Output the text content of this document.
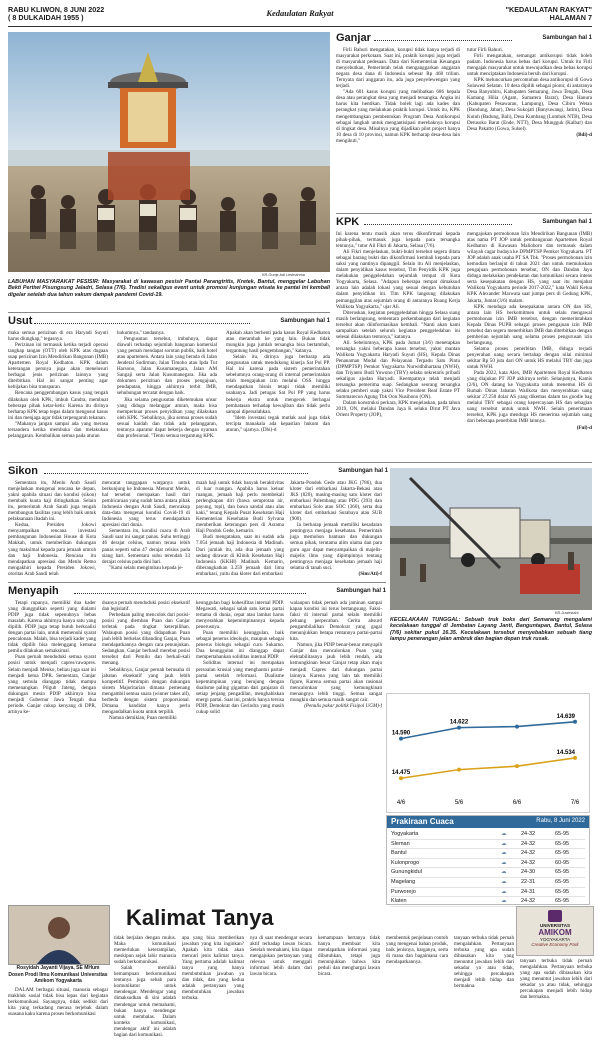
RABU KLIWON, 8 JUNI 2022
( 8 DULKAIDAH 1955 )	Kedaulatan Rakyat	"KEDAULATAN RAKYAT"
HALAMAN 7
KR-Gunje Adi Lestnahma
LABUHAN MASYARAKAT PESISIR: Masyarakat di kawasan pesisir Pantai Parangtritis, Kretek, Bantul, menggelar Labuhan Bekti Pertiwi Pisungsung Jaladri, Selasa (7/6). Tradisi sekaligus event untuk promosi kunjungan wisata ke pantai ini kembali digelar setelah dua tahun vakum dampak pandemi Covid-19.
Ganjar	Sambungan hal 1

Firli Bahuri mengatakan, korupsi tidak hanya terjadi di masyarakat perkotaan. Saat ini, praktik korupsi juga terjadi di masyarakat pedesaan. Data dari Kementerian Keuangan menyebutkan, Pemerintah telah menganggarkan anggaran negara desa dana di Indonesia sebesar Rp 468 triliun. Ternyata dari anggaran itu, ada juga penyelewengan yang terjadi.

"Ada 601 kasus korupsi yang melibatkan 686 kepala desa atau perangkat desa yang menjadi tersangka. Angka ini harus kita hentikan. Tidak boleh lagi ada kades dan perangkat yang melakukan praktik korupsi. Untuk itu, KPK mengembangkan pembentukan Program Desa Antikorupsi sebagai langkah untuk mengantisipasi merebaknya korupsi di tingkat desa. Misalnya yang dijadikan pilot project hanya 10 desa di 10 provinsi, namun KPK berharap desa-desa lain mengikuti,"

tutur Firli Bahuri.

Firli mengatakan, semangat antikorupsi tidak boleh padam. Indonesia harus bebas dari korupsi. Untuk itu Firli mengajak masyarakat untuk mewujudkan desa bebas korupsi untuk menciptakan Indonesia bersih dari korupsi.

KPK meluncurkan percontohan desa antikorupsi di Gowa Sulawesi Selatan. 10 desa dipilih sebagai pionir, di antaranya Desa Banyubiru, Kabupaten Semarang, Jawa Tengah, Desa Kamang Hilia (Agam, Sumatera Barat), Desa Hanura (Kabupaten Pesawaran, Lampung), Desa Cibiru Wetan (Bandung, Jabar), Desa Sukojati (Banyuwangi, Jatim), Desa Kutuh (Badung, Bali), Desa Kumbang (Lombok NTB), Desa Detusoko Barat (Ende, NTT), Desa Mungguk (Kalbar) dan Desa Pakatto (Gowa, Sulsel).

(Bdi)-d

KPK	Sambungan hal 1

Ini karena tentu masih akan terus dikonfirmasi kepada pihak-pihak, termasuk juga kepada para tersangka tentunya," tutur Ali Fikri di Jakarta, Selasa (7/6).

Ali Fikri menjelaskan, bukti-bukti tersebut segera ditata sebagai barang bukti dan dikonfirmasi kembali kepada para saksi yang nantinya dipanggil. Selain itu Ali menjelaskan, dalam penyidikan kasus tersebut, Tim Penyidik KPK juga melakukan penggeledahan sejumlah tempat di Kota Yogyakarta, Selasa. "Adapun beberapa tempat dimaksud antara lain adalah lokasi yang sesuai dengan kebutuhan dalam penyidikan ini. Tim KPK langsung dilakukan pemanggilan atas sejumlah orang di antaranya Ruang Kerja Walikota Yogyakarta," ujar Ali.

Diteruskan, kegiatan penggeledahan hingga Selasa siang masih berlangsung, sementara perkembangan dari kegiatan tersebut akan diinformasikan kembali. "Nanti akan kami sampaikan setelah seluruh kegiatan penggeledahan ini selesai dilakukan tentunya," katanya.

Ali. Sebelumnya, KPK pada Jumat (3/6) menetapkan tersangka yakni beberapa kasus tersebut, yakni mantan Walikota Yogyakarta Haryadi Suyuti (HS), Kepala Dinas Penanaman Modal dan Pelayanan Terpadu Satu Pintu (DPMPTSP) Pemkot Yogyakarta Nurwidhihartana (NWH), dan Triyanto Budi Yuwono (TBY) selaku sekretaris pribadi sekaligus ajudan Haryadi. Keempatnya telah menjadi tersangka pemerima suap. Sedangkan seorang tersangka selaku pemberi suap yakni Vice President Real Estate PT Summarecon Agung Tbk Oon Nusihono (ON).

Dalam konstruksi perkara, KPK menjelaskan, pada tahun 2019, ON, melalui Dandan Jaya K selaku Dirut PT Java Orient Property (JOP),

mengajukan permohonan Izin Mendirikan Bangunan (IMB) atas nama PT JOP untuk pembangunan Apartemen Royal Kedhaton di Kawasan Malioboro dan termasuk dalam wilayah cagar budaya ke DPMPTSP Pemkot Yogyakarta. PT JOP adalah anak usaha PT SA Tbk. "Proses permohonan izin kemudian berlanjut di tahun 2021 dan untuk memuluskan pengajuan permohonan tersebut, ON dan Dandan Jaya diduga melakukan pendekatan dan komunikasi secara intens serta kesepakatan dengan HS, yang saat itu menjabat Walikota Yogyakarta periode 2017-2022," kata Wakil Ketua KPK Alexander Marwata saat jumpa pers di Gedung KPK, Jakarta, Jumat (3/6) malam.

KPK menduga ada kesepakatan antara ON dan HS, antara lain HS berkomitmen untuk selalu mengawal permohonan izin IMB tersebut, dengan memerintahkan Kepala Dinas PUPR sebagai proses pengajuan izin IMB tersebut dan segera menerbitkan IMB dan diterbitkan dengan pemberian sejumlah uang selama proses pengurusan izin berlangsung.

Selama proses penerbitan IMB, diduga terjadi penyerahan uang secara bertahap dengan nilai minimal sekitar Rp 50 juta dari ON untuk HS melalui TBY dan juga untuk NWH.

Pada 2022, kata Alex, IMB Apartemen Royal Kedhaton yang diajukan PT JOP akhirnya terbit. Selanjutnya, Kamis (2/6), ON datang ke Yogyakarta untuk menemui HS di Rumah Dinas Jabatan Walikota dan menyerahkan uang sekitar 27.258 dolar AS yang dikemas dalam tas goodie bag melalui TBY sebagai orang kepercayaan HS dan sebagian uang tersebut untuk untuk NWH. Selain penerimaan tersebut, KPK juga menduga HS menerima sejumlah uang dari beberapa penerbitan IMB lainnya.

(Ful)-d

Usut	Sambungan hal 1

maka semua perizinan di era Haryadi Suyuti harus diungkap," tegasnya.

Perizinan ini termasuk ketika terjadi operasi tangkap tangan (OTT) oleh KPK atas dugaan suap perizinan Izin Mendirikan Bangunan (IMB) Apartemen Royal Kedhaton. KPK dalam keterangan persnya juga akan menelusuri berbagai jenis perizinan lainnya yang diterbitkan. Hal ini sangat penting agar kebijakan bisa transparan.

Rencana penggembangan kasus yang tengah dilakukan oleh KPK, imbuh Candra, membuat beberapa pihak ketar-ketir. Karena itu dirinya berharap KPK tetap tegas dalam mengusut kasus ini dan menjaga agar tidak terpengaruh tekanan.

"Makanya jangan sampai ada yang merasa tersandera ketika membuka dan melakukan pelanggaran. Kembalikan semua pada aturan

hukumnya," tandasnya.

Pengusutan tersebut, imbuhnya, dapat diawali terhadap sejumlah bangunan komersial yang pemah mendapat sorotan publik, baik hotel atau apartemen. Antara lain yang berada di Jalan Jenderal Sudirman, Jalan Timoho atau Ipda Tut Harsono, Jalan Kusumanegara, Jalan AM Sangaji serta Jalan Kusumanegara. Jika ada dokumen perizinan dan proses pengajuan, pendapatan, hingga akhirnya terbit IMB, sehubungan tercatat dengan baik.

Jika selama pengusutan diketemukan unsur yang diduga melanggar aturan, maka bisa memperkuat proses penyidikan yang dilakukan oleh KPK. "Sebaliknya, jika semua proses sudah sesuai kaidah dan tidak ada pelanggaran, tentunya aparatur dapat bekerja dengan nyaman dan profesional. "Tentu semua tergantung KPK.

Apakah akan berhenti pada kasus Royal Kedhaton atau merambah ke yang lain. Bukan tidak mungkin juga jumlah tersangka bisa bertambah, tergantung hasil pengembangan," katanya.

Selain itu, dirinya juga berharap ada pengusutan untuk mendukung kinerja Sat Pol PP. Hal ini karena pada sistem pemerintahan sebelumnya orang-orang di internal pemerintahan telah mengajukan izin melalui OSS hingga mendapatkan bisnis tetapi tidak memiliki usahanya. Jadi petugas Sat Pol PP yang harus bekerja ekstra untuk mengecek berbagai pembatasan terhadap kewajiban dan tidak perlu sampai dipersalahkan.

"Idem investasi tegak mutlak asal juga tidak tercipta manakala ada kepastian hukum dan aturan," ujarnya. (Dhi)-d

Sikon	Sambungan hal 1

Sementara itu, Menlu Arab Saudi menjelaskan mengenai rencana ke depan, yakni apabila situasi dan kondisi (sikon) membaik kuota haji ditingkatkan. Selain itu, pemerintah Arab Saudi juga tengah membangun fasilitas yang lebih baik untuk pelaksanaan ibadah ini.

Kedua, Presiden Jokowi menyampaikan rencana investasi pembangunan Indonesian House di Kota Makkah, untuk memberikan dukungan yang maksimal kepada para jemaah umroh dan haji Indonesia. Rencana itu mendapatkan apresiasi dan Menlu Retno mengakhiri kepada Presiden Jokowi, otoritas Arab Saudi telah

mencatat tanggapan warganya untuk berkunjung ke Indonesia. Menurut Menlu, hal tersebut merupakan hasil dari pembicaraan yang sudah lama antara pihak Indonesia dengan Arab Saudi, mencakup data-data mengenai kondisi Covid-19 di Indonesia yang terus mendapatkan apresiasi dari dunia.

Sementara itu, kondisi cuaca di Arab Saudi saat ini sangat panas. Suhu tertinggi 46 derajat celsius, namun terasa lebih panas seperti suhu 47 derajat celsius pada siang hari. Sementara suhu terendah 33 derajat celsius pada dini hari.

"Kami selalu mengimbau kepada je-

maah haji untuk tidak banyak beraktivitas di luar ruangan. Apabila harus keluar ruangan, jemaah haji perlu membekali perlengkapan diri (bawa semprotan air, payung, topi), dan bawa sandal atau alas kaki," terang Kepala Pusat Kesehatan Haji Kementerian Kesehatan Budi Sylvana memberikan keterangan pers di Asrama Haji Pondok Gede, kemarin.

Budi mengatakan, saat ini sudah ada 7.054 jemaah haji Indonesia di Madinah. Dari jumlah itu, ada dua jemaah yang sedang dirawat di Klinik Kesehatan Haji Indonesia (KKHI) Madinah. Kemarin, diberangkatkan 3.259 jemaah dari lima embarkasi, yaitu dua kloter dari embarkasi

Jakarta-Pondok Gede atau JKG (786), dua kloter dari embarkasi Jakarta-Bekasi atau JKS (820), masing-masing satu kloter dari embarkasi Palembang atau PDG (393) dan embarkasi Solo atau SOC (360), serta dua kloter dari embarkasi Surabaya atau SUB (900).

Ia berharap jemaah memiliki kesadaran pentingnya menjaga kesehatan. Pemerintah juga memohon bantuan dan dukungan semua pihak, terutama alim ulama dan para guru agar dapat menyampaikan di majelis-majelis ilmu yang dipimpinnya tentang pentingnya menjaga kesehatan jemaah haji selama di tanah suci.

(Sim/Ati)-f

KR-Juwestahi
KECELAKAAN TUNGGAL: Sebuah truk boks dari Semarang mengalami kecelakaan tunggal di Jembatan Layang Janti, Banguntapan, Bantul, Selasa (7/6) sekitar pukul 16.35. Kecelakaan tersebut menyebabkan sebuah tiang lampu penerangan jalan ambruk dan bagian depan truk rusak.
Menyapih	Sambungan hal 1

Tetapi rupanya, memiliki dua kader yang diunggulkan seperti yang dialami PDIP juga tidak sepenuhnya bebas masalah. Karena akhirnya hanya satu yang dipilih. PDIP juga tetap butuh berkoalisi dengan partai lain, untuk memenuhi syarat pencalonan. Malah, bisa terjadi kader yang tidak dipilih bisa melenggang kemana pemilu dilakukan semaksimal.

Puan pernah menduduki semua syarat posisi untuk menjadi capres/cawapres. Selain menjadi Menko, beliau juga saat ini menjadi ketua DPR. Sementara, Ganjar yang semula dianggap tidak mampu memenangkan Pilgub Jateng, dengan dukungan mesin PDIP akhirnya bisa menjadi Gubernur Jawa Tengah dua periode. Ganjar cukup kenyang di DPR, artinya ke-

duanya pernah menduduki posisi eksekutif dan legislatif.

Perbedaan paling mencolok dari posisi-posisi yang diemban Puan dan Ganjar terletak pada tingkat keterpilihan. Walaupun posisi yang didapatkan Puan jauh lebih berkelas dibanding Ganjar, Puan mendapatkannya dengan cara penunjukan. Sedangkan, Ganjar berhasil merebut posisi tersebut dari Pemilu dan berkali-kali menang.

Sebaliknya, Ganjar pernah berusaha di jabatan eksekutif yang jauh lebih kompetitif. Pemimpin dengan dukungan sistem Majoritarian dimana pemenang mengambil semua suara (winner takes all), berbeda dengan sistem proporsional. Dimana kandidat hanya perlu mengandalkan kuota untuk terpilih.

Namun demikian, Puan memiliki

keunggulan bagi kohesifitas internal PDIP. Megawati, sebagai salah satu ketua partai tertama di dunia, cepat atau lambat harus menyerahkan kepemimpinannya kepada penerusnya.

Puan memiliki keunggulan, baik sebagai penerus ideologis, maupun sebagai penerus biologis sebagai cucu Sukarno. Dua keunggulan ini dianggap dapat mempertahankan soliditas internal PDIP.

Soliditas internal ini merupakan persoalan krusial yang menghantui partai-partai setelah reformasi. Dualisme kepemimpinan yang berujung dengan dualisme paling gigantan dari ganjaran di setiap jenjang pengadilan, menghabiskan energi partai. Saat ini, praktis hanya tersisa PDIP, Demokrat dan Gerindra yang masih cukup solid

walaupun tidak pernah ada jaminan sampai kapan kondisi ini terus bertangsung. Faksi-faksi di internal partai selalu memiliki peluang perpecahan. Cerita absurd pengambilalihan Demokrat yang gagal menunjukkan betapa rentannya partai-partai kita.

Namun, jika PDIP benar-benar menyapih Ganjar dan mencalonkan Puan yang elektabilitasnya jauh lebih rendah, ada kemungkinan besar Ganjar tetap akan maju menjadi Capres dari dukungan partai lainnya. Karena yang lain tak memiliki figure, Karena semua partai akan rasional mencalonkan yang kemungkinan menangnya lebih tinggi. Semua sangat mungkin dan semua masih sangat cair.

(Penulis pakar politik Fisipol UGM)-f

4/6	5/6	6/6	7/6
14.590
14.622
14.639
14.475
14.534
Prakiraan Cuaca	Rabu, 8 Juni 2022
Yogyakarta	☁	24-32	65-95
Sleman	☁	24-32	65-95
Bantul	☁	24-32	65-95
Kulonprogo	☁	24-32	60-95
Gunungkidul	☁	24-30	65-95
Magelang	☁	22-31	65-95
Purworejo	☁	24-31	65-95
Klaten	☁	24-32	65-95
UNIVERSITAS
AMIKOM
YOGYAKARTA
Creative Economy Park
Kalimat Tanya
Rosyidah Jayanti Vijaya, SE MHum
Dosen Prodi Ilmu Komunikasi Universitas Amikom Yogyakarta

DALAM berbagai situasi, manusia sebagai makhluk sosial tidak bisa lepas dari kegiatan berkomunikasi. Sayangnya, tidak sedikit dari kita yang terkadang merasa terjebak dalam suasana kaku karena proses berkomunikasi

tidak berjalan dengan mulus. Maka komunikasi memerlukan keterampilan, meskipun sejak lahir manusia sudah berkomunikasi.

Salah memiliki kemampuan berkomunikasi tentunya juga sebab para komunikator untuk mendengar. Mendengar yang dimaksudkan di sini adalah mendengar untuk memahami, bukan hanya mendengar untuk membalas. Dalam konteks komunikasi, mendengar aktif ini adalah bagian dari komunikasi.

apa yang bisa memberikan jawaban yang kita inginkan? Apakah kita tidak akan mencari jenis kalimat tanya. Yang pertama adalah kalimat tanya yang hanya membutuhkan jawaban ya dan tidak, dan yang kedua adalah pertanyaan yang membutuhkan jawaban terbuka.

nya di saat mendengar secara aktif terhadap lawan bicara. Setelah memahami, kita dapat mengajukan pertanyaan yang relevan untuk menggali informasi lebih dalam dari lawan bicara.

kemampuan bertanya tidak hanya membuat kita mendapatkan informasi yang dibutuhkan, tetapi juga menunjukkan bahwa kita peduli dan menghargai lawan bicara.

membentuk penjelasan contoh yang mengenai bahan produk, baik jenisnya, harganya, serta di mana dan bagaimana cara mendapatkannya.

tanyaan terbuka tidak pernah mengalahkan. Pertanyaan terbuka yang apa sudah dibiasakan kita yang menuntut jawaban lebih dari sekadar ya atau tidak, sehingga percakapan menjadi lebih hidup dan bermakna.

tanyaan terbuka tidak pernah mengalahkan. Pertanyaan terbuka yang apa sudah dibiasakan kita yang menuntut jawaban lebih dari sekadar ya atau tidak, sehingga percakapan menjadi lebih hidup dan bermakna.
